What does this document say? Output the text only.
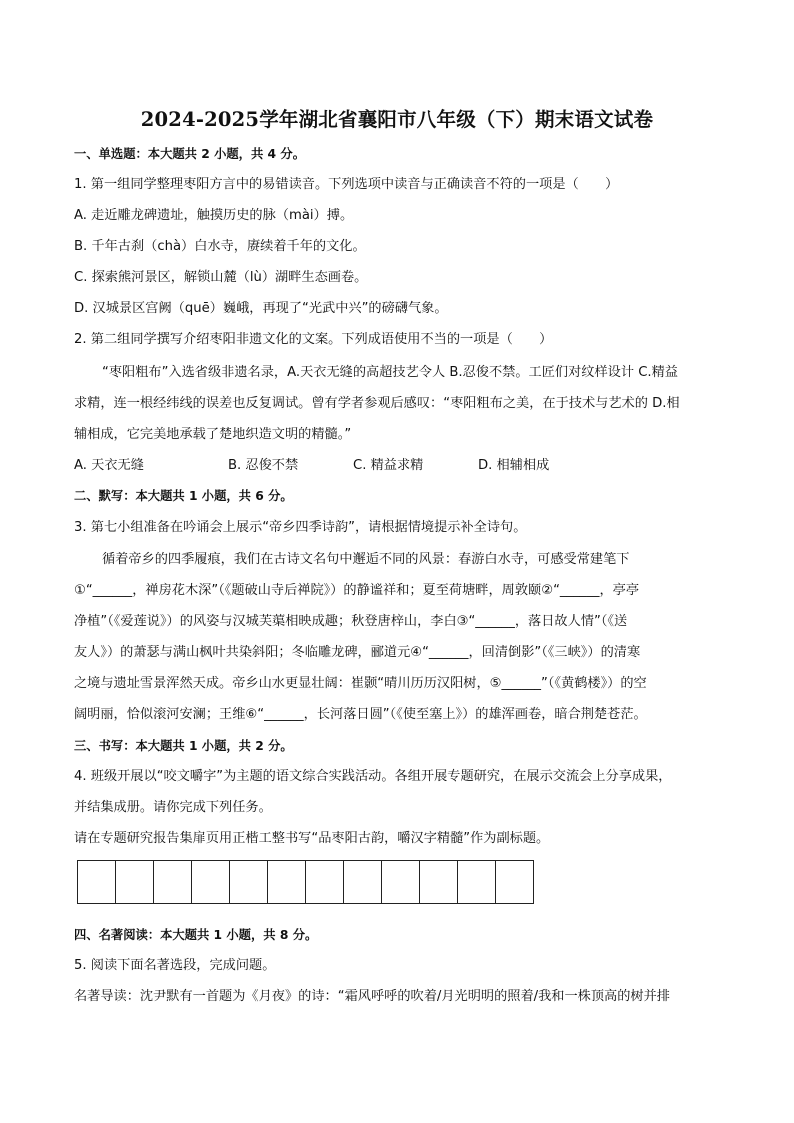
2024-2025学年湖北省襄阳市八年级（下）期末语文试卷
一、单选题：本大题共 2 小题，共 4 分。
1. 第一组同学整理枣阳方言中的易错读音。下列选项中读音与正确读音不符的一项是（　　）
A. 走近雕龙碑遗址，触摸历史的脉（mài）搏。
B. 千年古刹（chà）白水寺，赓续着千年的文化。
C. 探索熊河景区，解锁山麓（lù）湖畔生态画卷。
D. 汉城景区宫阙（quē）巍峨，再现了“光武中兴”的磅礴气象。
2. 第二组同学撰写介绍枣阳非遗文化的文案。下列成语使用不当的一项是（　　）
“枣阳粗布”入选省级非遗名录，A.天衣无缝的高超技艺令人 B.忍俊不禁。工匠们对纹样设计 C.精益
求精，连一根经纬线的误差也反复调试。曾有学者参观后感叹：“枣阳粗布之美，在于技术与艺术的 D.相
辅相成，它完美地承载了楚地织造文明的精髓。”
A. 天衣无缝	B. 忍俊不禁	C. 精益求精	D. 相辅相成
二、默写：本大题共 1 小题，共 6 分。
3. 第七小组准备在吟诵会上展示“帝乡四季诗韵”，请根据情境提示补全诗句。
循着帝乡的四季履痕，我们在古诗文名句中邂逅不同的风景：春游白水寺，可感受常建笔下
①“______，禅房花木深”（《题破山寺后禅院》）的静谧祥和；夏至荷塘畔，周敦颐②“______，亭亭
净植”（《爱莲说》）的风姿与汉城芙蕖相映成趣；秋登唐梓山，李白③“______，落日故人情”（《送
友人》）的萧瑟与满山枫叶共染斜阳；冬临雕龙碑，郦道元④“______，回清倒影”（《三峡》）的清寒
之境与遗址雪景浑然天成。帝乡山水更显壮阔：崔颢“晴川历历汉阳树，⑤______”（《黄鹤楼》）的空
阔明丽，恰似滚河安澜；王维⑥“______，长河落日圆”（《使至塞上》）的雄浑画卷，暗合荆楚苍茫。
三、书写：本大题共 1 小题，共 2 分。
4. 班级开展以“咬文嚼字”为主题的语文综合实践活动。各组开展专题研究，在展示交流会上分享成果，
并结集成册。请你完成下列任务。
请在专题研究报告集扉页用正楷工整书写“品枣阳古韵，嚼汉字精髓”作为副标题。
四、名著阅读：本大题共 1 小题，共 8 分。
5. 阅读下面名著选段，完成问题。
名著导读：沈尹默有一首题为《月夜》的诗：“霜风呼呼的吹着/月光明明的照着/我和一株顶高的树并排
